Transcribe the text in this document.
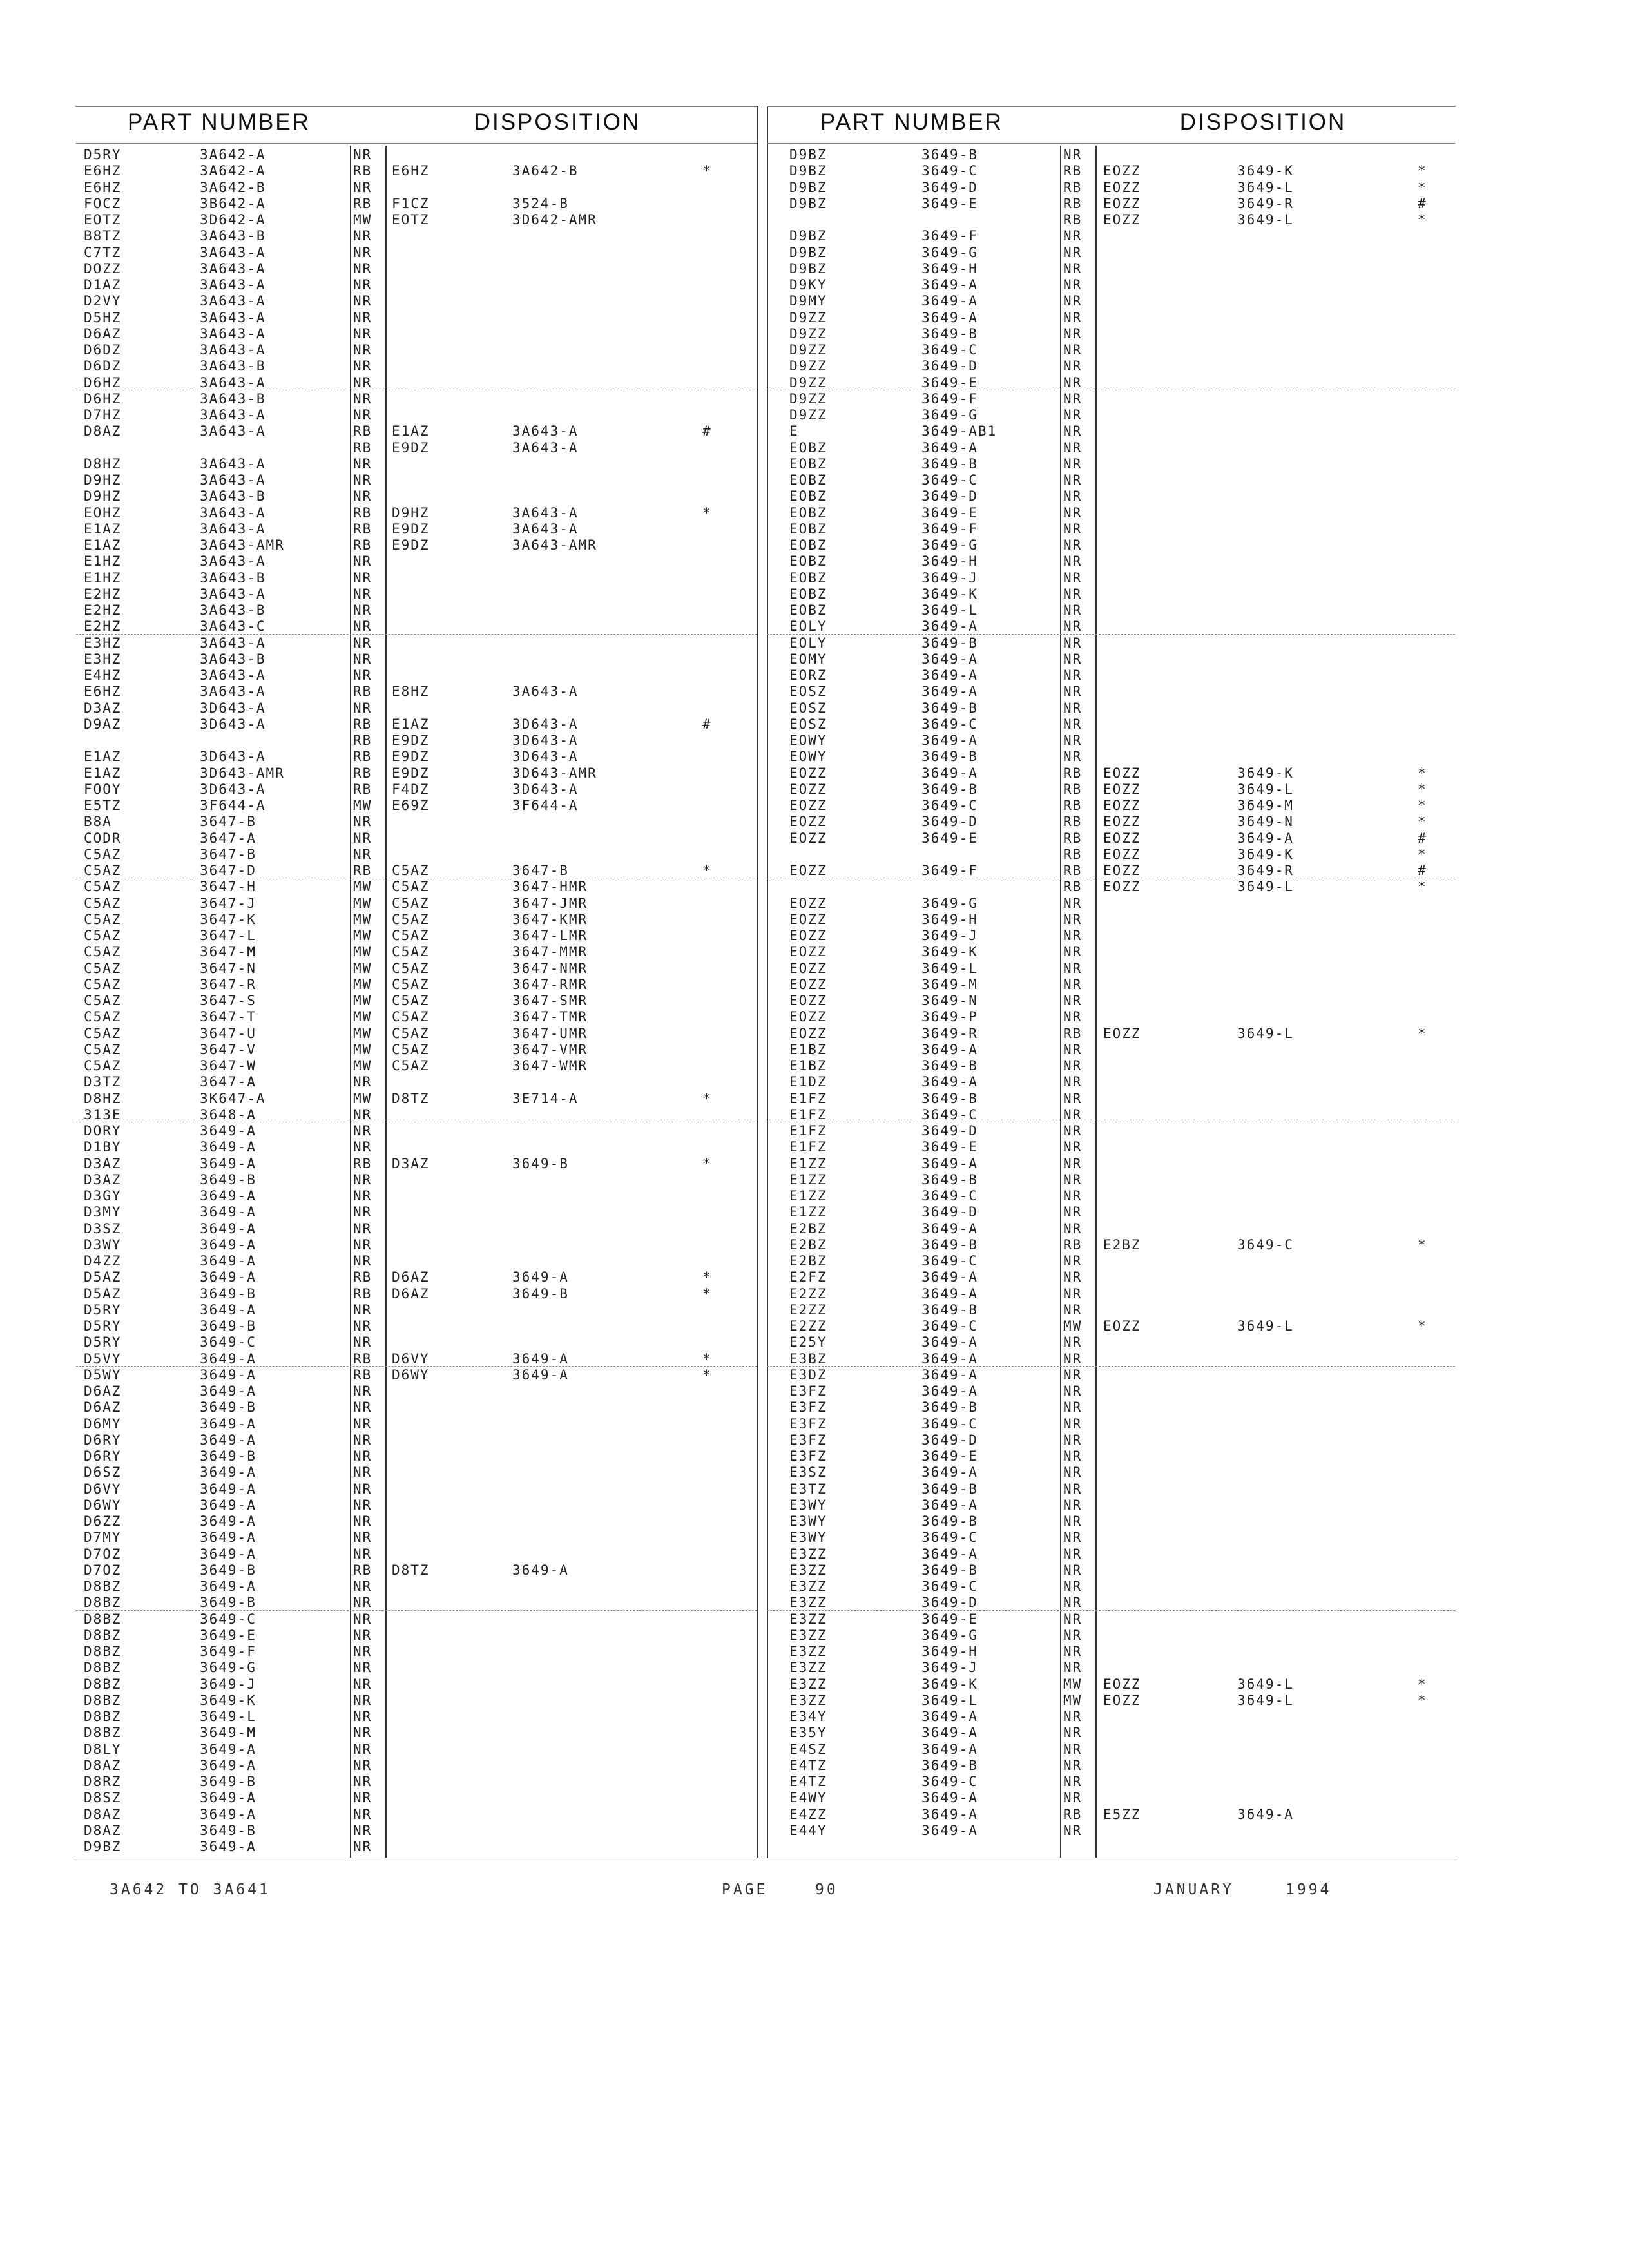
PART NUMBER	DISPOSITION	PART NUMBER	DISPOSITION
D5RY	3A642-A	NR
E6HZ	3A642-A	RB E6HZ	3A642-B	*
E6HZ	3A642-B	NR
FOCZ	3B642-A	RB F1CZ	3524-B
EOTZ	3D642-A	MW EOTZ	3D642-AMR
B8TZ	3A643-B	NR
C7TZ	3A643-A	NR
DOZZ	3A643-A	NR
D1AZ	3A643-A	NR
D2VY	3A643-A	NR
D5HZ	3A643-A	NR
D6AZ	3A643-A	NR
D6DZ	3A643-A	NR
D6DZ	3A643-B	NR
D6HZ	3A643-A	NR
D6HZ	3A643-B	NR
D7HZ	3A643-A	NR
D8AZ	3A643-A	RB E1AZ	3A643-A	#
RB E9DZ	3A643-A
D8HZ	3A643-A	NR
D9HZ	3A643-A	NR
D9HZ	3A643-B	NR
EOHZ	3A643-A	RB D9HZ	3A643-A	*
E1AZ	3A643-A	RB E9DZ	3A643-A
E1AZ	3A643-AMR	RB E9DZ	3A643-AMR
E1HZ	3A643-A	NR
E1HZ	3A643-B	NR
E2HZ	3A643-A	NR
E2HZ	3A643-B	NR
E2HZ	3A643-C	NR
E3HZ	3A643-A	NR
E3HZ	3A643-B	NR
E4HZ	3A643-A	NR
E6HZ	3A643-A	RB E8HZ	3A643-A
D3AZ	3D643-A	NR
D9AZ	3D643-A	RB E1AZ	3D643-A	#
RB E9DZ	3D643-A
E1AZ	3D643-A	RB E9DZ	3D643-A
E1AZ	3D643-AMR	RB E9DZ	3D643-AMR
FOOY	3D643-A	RB F4DZ	3D643-A
E5TZ	3F644-A	MW E69Z	3F644-A
B8A	3647-B	NR
CODR	3647-A	NR
C5AZ	3647-B	NR
C5AZ	3647-D	RB C5AZ	3647-B	*
C5AZ	3647-H	MW C5AZ	3647-HMR
C5AZ	3647-J	MW C5AZ	3647-JMR
C5AZ	3647-K	MW C5AZ	3647-KMR
C5AZ	3647-L	MW C5AZ	3647-LMR
C5AZ	3647-M	MW C5AZ	3647-MMR
C5AZ	3647-N	MW C5AZ	3647-NMR
C5AZ	3647-R	MW C5AZ	3647-RMR
C5AZ	3647-S	MW C5AZ	3647-SMR
C5AZ	3647-T	MW C5AZ	3647-TMR
C5AZ	3647-U	MW C5AZ	3647-UMR
C5AZ	3647-V	MW C5AZ	3647-VMR
C5AZ	3647-W	MW C5AZ	3647-WMR
D3TZ	3647-A	NR
D8HZ	3K647-A	MW D8TZ	3E714-A	*
313E	3648-A	NR
DORY	3649-A	NR
D1BY	3649-A	NR
D3AZ	3649-A	RB D3AZ	3649-B	*
D3AZ	3649-B	NR
D3GY	3649-A	NR
D3MY	3649-A	NR
D3SZ	3649-A	NR
D3WY	3649-A	NR
D4ZZ	3649-A	NR
D5AZ	3649-A	RB D6AZ	3649-A	*
D5AZ	3649-B	RB D6AZ	3649-B	*
D5RY	3649-A	NR
D5RY	3649-B	NR
D5RY	3649-C	NR
D5VY	3649-A	RB D6VY	3649-A	*
D5WY	3649-A	RB D6WY	3649-A	*
D6AZ	3649-A	NR
D6AZ	3649-B	NR
D6MY	3649-A	NR
D6RY	3649-A	NR
D6RY	3649-B	NR
D6SZ	3649-A	NR
D6VY	3649-A	NR
D6WY	3649-A	NR
D6ZZ	3649-A	NR
D7MY	3649-A	NR
D7OZ	3649-A	NR
D7OZ	3649-B	RB D8TZ	3649-A
D8BZ	3649-A	NR
D8BZ	3649-B	NR
D8BZ	3649-C	NR
D8BZ	3649-E	NR
D8BZ	3649-F	NR
D8BZ	3649-G	NR
D8BZ	3649-J	NR
D8BZ	3649-K	NR
D8BZ	3649-L	NR
D8BZ	3649-M	NR
D8LY	3649-A	NR
D8AZ	3649-A	NR
D8RZ	3649-B	NR
D8SZ	3649-A	NR
D8AZ	3649-A	NR
D8AZ	3649-B	NR
D9BZ	3649-A	NR
D9BZ	3649-B	NR
D9BZ	3649-C	RB EOZZ	3649-K	*
D9BZ	3649-D	RB EOZZ	3649-L	*
D9BZ	3649-E	RB EOZZ	3649-R	#
RB EOZZ	3649-L	*
D9BZ	3649-F	NR
D9BZ	3649-G	NR
D9BZ	3649-H	NR
D9KY	3649-A	NR
D9MY	3649-A	NR
D9ZZ	3649-A	NR
D9ZZ	3649-B	NR
D9ZZ	3649-C	NR
D9ZZ	3649-D	NR
D9ZZ	3649-E	NR
D9ZZ	3649-F	NR
D9ZZ	3649-G	NR
E	3649-AB1	NR
EOBZ	3649-A	NR
EOBZ	3649-B	NR
EOBZ	3649-C	NR
EOBZ	3649-D	NR
EOBZ	3649-E	NR
EOBZ	3649-F	NR
EOBZ	3649-G	NR
EOBZ	3649-H	NR
EOBZ	3649-J	NR
EOBZ	3649-K	NR
EOBZ	3649-L	NR
EOLY	3649-A	NR
EOLY	3649-B	NR
EOMY	3649-A	NR
EORZ	3649-A	NR
EOSZ	3649-A	NR
EOSZ	3649-B	NR
EOSZ	3649-C	NR
EOWY	3649-A	NR
EOWY	3649-B	NR
EOZZ	3649-A	RB EOZZ	3649-K	*
EOZZ	3649-B	RB EOZZ	3649-L	*
EOZZ	3649-C	RB EOZZ	3649-M	*
EOZZ	3649-D	RB EOZZ	3649-N	*
EOZZ	3649-E	RB EOZZ	3649-A	#
RB EOZZ	3649-K	*
EOZZ	3649-F	RB EOZZ	3649-R	#
RB EOZZ	3649-L	*
EOZZ	3649-G	NR
EOZZ	3649-H	NR
EOZZ	3649-J	NR
EOZZ	3649-K	NR
EOZZ	3649-L	NR
EOZZ	3649-M	NR
EOZZ	3649-N	NR
EOZZ	3649-P	NR
EOZZ	3649-R	RB EOZZ	3649-L	*
E1BZ	3649-A	NR
E1BZ	3649-B	NR
E1DZ	3649-A	NR
E1FZ	3649-B	NR
E1FZ	3649-C	NR
E1FZ	3649-D	NR
E1FZ	3649-E	NR
E1ZZ	3649-A	NR
E1ZZ	3649-B	NR
E1ZZ	3649-C	NR
E1ZZ	3649-D	NR
E2BZ	3649-A	NR
E2BZ	3649-B	RB E2BZ	3649-C	*
E2BZ	3649-C	NR
E2FZ	3649-A	NR
E2ZZ	3649-A	NR
E2ZZ	3649-B	NR
E2ZZ	3649-C	MW EOZZ	3649-L	*
E25Y	3649-A	NR
E3BZ	3649-A	NR
E3DZ	3649-A	NR
E3FZ	3649-A	NR
E3FZ	3649-B	NR
E3FZ	3649-C	NR
E3FZ	3649-D	NR
E3FZ	3649-E	NR
E3SZ	3649-A	NR
E3TZ	3649-B	NR
E3WY	3649-A	NR
E3WY	3649-B	NR
E3WY	3649-C	NR
E3ZZ	3649-A	NR
E3ZZ	3649-B	NR
E3ZZ	3649-C	NR
E3ZZ	3649-D	NR
E3ZZ	3649-E	NR
E3ZZ	3649-G	NR
E3ZZ	3649-H	NR
E3ZZ	3649-J	NR
E3ZZ	3649-K	MW EOZZ	3649-L	*
E3ZZ	3649-L	MW EOZZ	3649-L	*
E34Y	3649-A	NR
E35Y	3649-A	NR
E4SZ	3649-A	NR
E4TZ	3649-B	NR
E4TZ	3649-C	NR
E4WY	3649-A	NR
E4ZZ	3649-A	RB E5ZZ	3649-A
E44Y	3649-A	NR
3A642 TO 3A641	PAGE	90	JANUARY	1994
